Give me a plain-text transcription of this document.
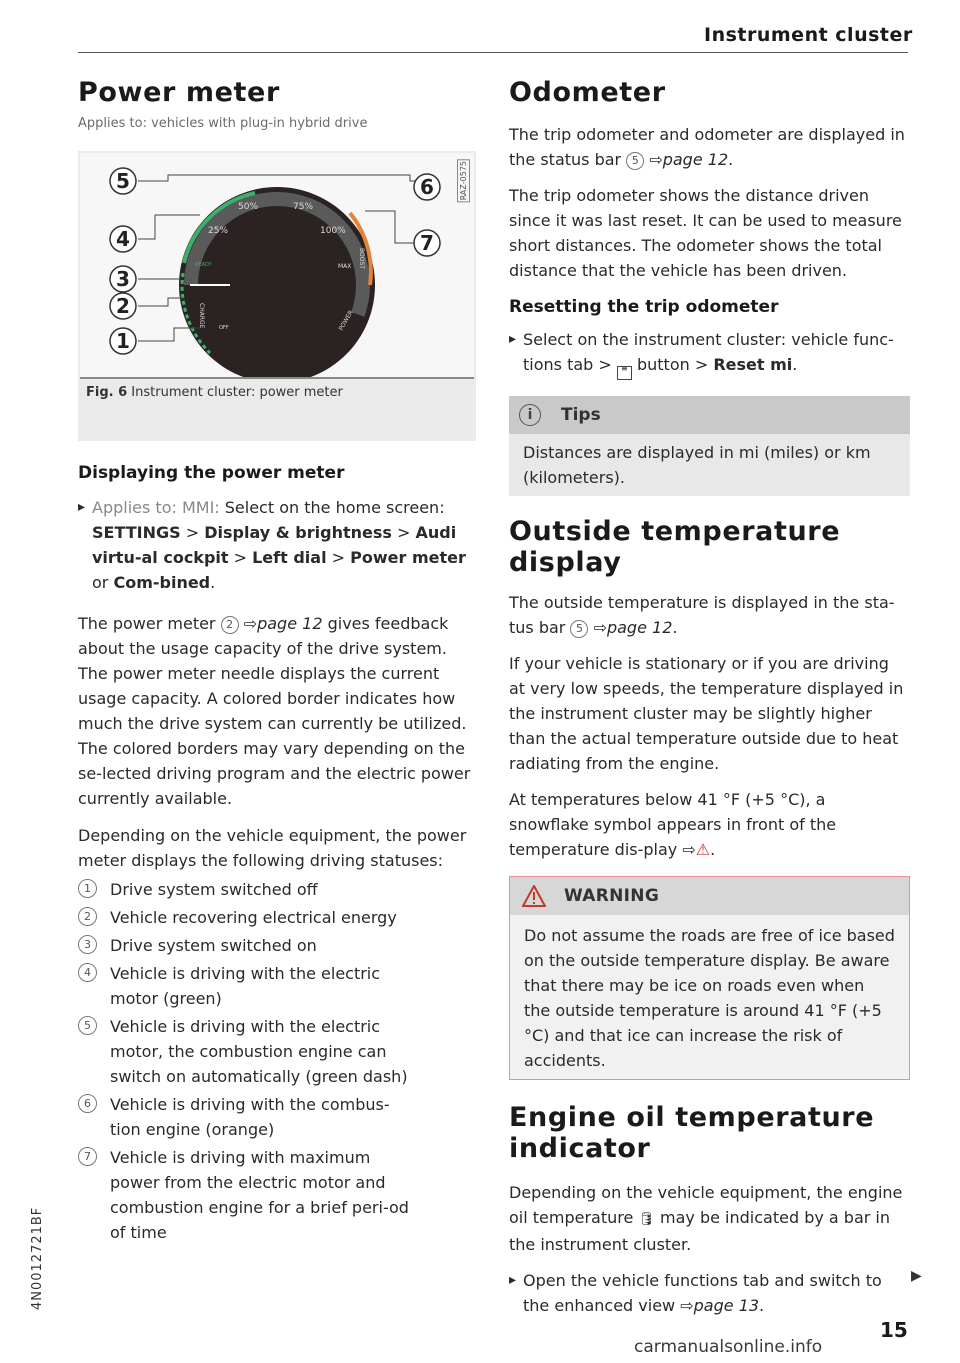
Instrument cluster
Power meter
Applies to: vehicles with plug-in hybrid drive
50%	75%
25%	100%
READY	MAX
OFF
CHARGE
BOOST
POWER
5
4
3
2
1
6
7
RAZ-0575
Fig. 6 Instrument cluster: power meter
Displaying the power meter

▸ Applies to: MMI: Select on the home screen: SETTINGS > Display & brightness > Audi virtu-al cockpit > Left dial > Power meter or Com-bined.

The power meter 2 ⇨page 12 gives feedback about the usage capacity of the drive system. The power meter needle displays the current usage capacity. A colored border indicates how much the drive system can currently be utilized. The colored borders may vary depending on the se-lected driving program and the electric power currently available.

Depending on the vehicle equipment, the power meter displays the following driving statuses:

1	Drive system switched off
2	Vehicle recovering electrical energy
3	Drive system switched on
4	Vehicle is driving with the electric motor (green)
5	Vehicle is driving with the electric motor, the combustion engine can switch on automatically (green dash)
6	Vehicle is driving with the combus-tion engine (orange)
7	Vehicle is driving with maximum power from the electric motor and combustion engine for a brief peri-od of time
Odometer

The trip odometer and odometer are displayed in the status bar 5 ⇨page 12.

The trip odometer shows the distance driven since it was last reset. It can be used to measure short distances. The odometer shows the total distance that the vehicle has been driven.

Resetting the trip odometer

▸ Select on the instrument cluster: vehicle func-tions tab > ≡ button > Reset mi.

i	Tips

Distances are displayed in mi (miles) or km (kilometers).

Outside temperature display

The outside temperature is displayed in the sta-tus bar 5 ⇨page 12.

If your vehicle is stationary or if you are driving at very low speeds, the temperature displayed in the instrument cluster may be slightly higher than the actual temperature outside due to heat radiating from the engine.

At temperatures below 41 °F (+5 °C), a snowflake symbol appears in front of the temperature dis-play ⇨⚠.

WARNING

Do not assume the roads are free of ice based on the outside temperature display. Be aware that there may be ice on roads even when the outside temperature is around 41 °F (+5 °C) and that ice can increase the risk of accidents.

Engine oil temperature indicator

Depending on the vehicle equipment, the engine oil temperature 🛢 may be indicated by a bar in the instrument cluster.

▸ Open the vehicle functions tab and switch to the enhanced view ⇨page 13.

▶
4N0012721BF
15
carmanualsonline.info
